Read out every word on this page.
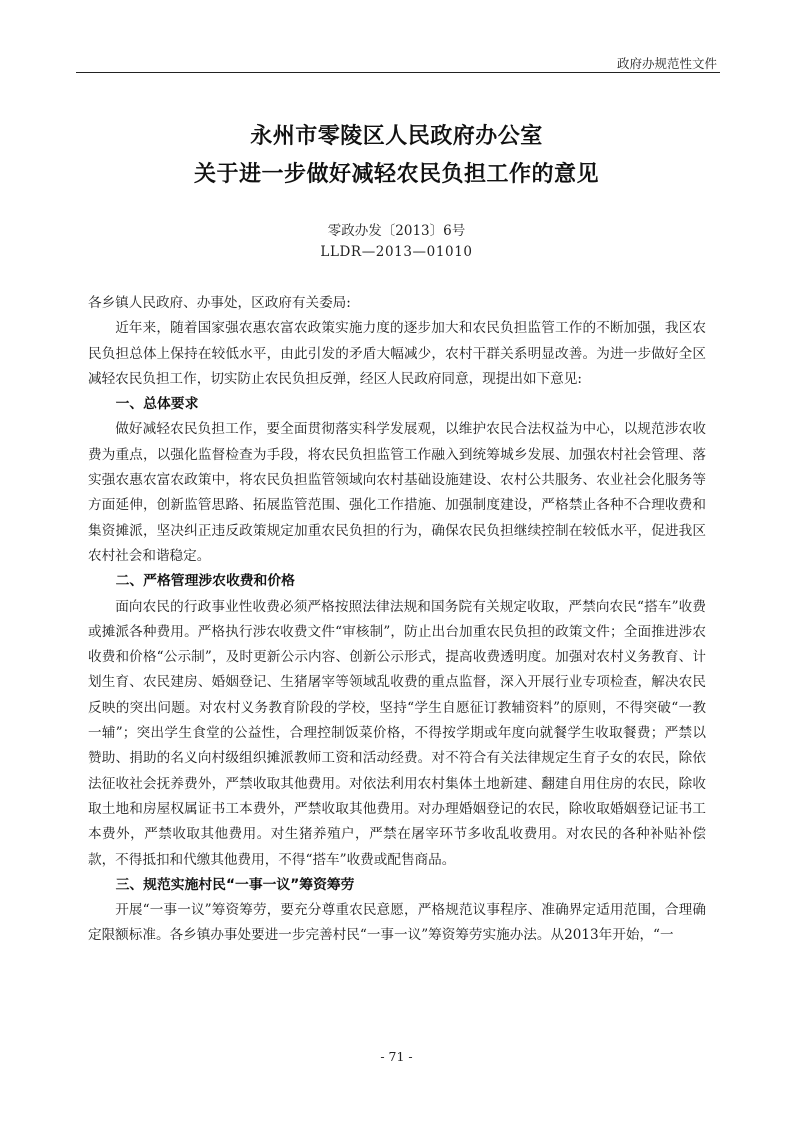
政府办规范性文件
永州市零陵区人民政府办公室
关于进一步做好减轻农民负担工作的意见
零政办发〔2013〕6号
LLDR—2013—01010

各乡镇人民政府、办事处，区政府有关委局:

近年来，随着国家强农惠农富农政策实施力度的逐步加大和农民负担监管工作的不断加强，我区农民负担总体上保持在较低水平，由此引发的矛盾大幅减少，农村干群关系明显改善。为进一步做好全区减轻农民负担工作，切实防止农民负担反弹，经区人民政府同意，现提出如下意见:

一、总体要求

做好减轻农民负担工作，要全面贯彻落实科学发展观，以维护农民合法权益为中心，以规范涉农收费为重点，以强化监督检查为手段，将农民负担监管工作融入到统筹城乡发展、加强农村社会管理、落实强农惠农富农政策中，将农民负担监管领域向农村基础设施建设、农村公共服务、农业社会化服务等方面延伸，创新监管思路、拓展监管范围、强化工作措施、加强制度建设，严格禁止各种不合理收费和集资摊派，坚决纠正违反政策规定加重农民负担的行为，确保农民负担继续控制在较低水平，促进我区农村社会和谐稳定。

二、严格管理涉农收费和价格

面向农民的行政事业性收费必须严格按照法律法规和国务院有关规定收取，严禁向农民“搭车”收费或摊派各种费用。严格执行涉农收费文件“审核制”，防止出台加重农民负担的政策文件；全面推进涉农收费和价格“公示制”，及时更新公示内容、创新公示形式，提高收费透明度。加强对农村义务教育、计划生育、农民建房、婚姻登记、生猪屠宰等领域乱收费的重点监督，深入开展行业专项检查，解决农民反映的突出问题。对农村义务教育阶段的学校，坚持“学生自愿征订教辅资料”的原则，不得突破“一教一辅”；突出学生食堂的公益性，合理控制饭菜价格，不得按学期或年度向就餐学生收取餐费；严禁以赞助、捐助的名义向村级组织摊派教师工资和活动经费。对不符合有关法律规定生育子女的农民，除依法征收社会抚养费外，严禁收取其他费用。对依法利用农村集体土地新建、翻建自用住房的农民，除收取土地和房屋权属证书工本费外，严禁收取其他费用。对办理婚姻登记的农民，除收取婚姻登记证书工本费外，严禁收取其他费用。对生猪养殖户，严禁在屠宰环节多收乱收费用。对农民的各种补贴补偿款，不得抵扣和代缴其他费用，不得“搭车”收费或配售商品。

三、规范实施村民“一事一议”筹资筹劳

开展“一事一议”筹资筹劳，要充分尊重农民意愿，严格规范议事程序、准确界定适用范围，合理确定限额标准。各乡镇办事处要进一步完善村民“一事一议”筹资筹劳实施办法。从2013年开始，“一

- 71 -
